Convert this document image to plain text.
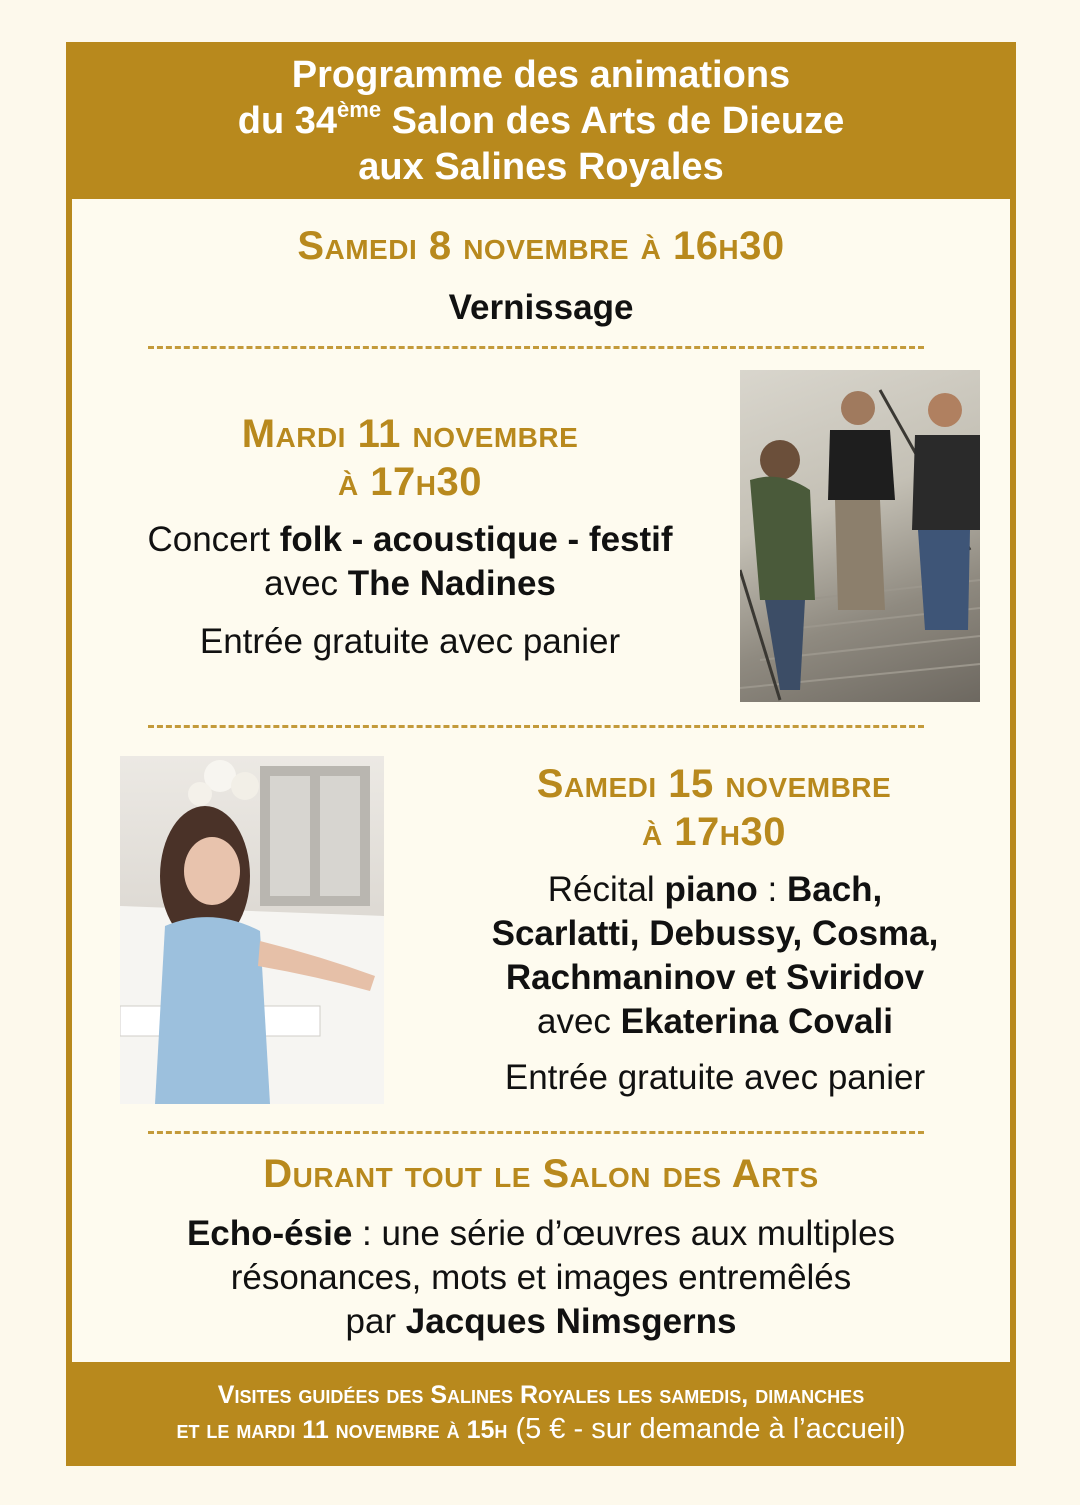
Programme des animations
du 34ème Salon des Arts de Dieuze
aux Salines Royales
Samedi 8 novembre à 16h30
Vernissage
Mardi 11 novembre
à 17h30
Concert folk - acoustique - festif
avec The Nadines
Entrée gratuite avec panier
Samedi 15 novembre
à 17h30
Récital piano : Bach,
Scarlatti, Debussy, Cosma,
Rachmaninov et Sviridov
avec Ekaterina Covali
Entrée gratuite avec panier
Durant tout le Salon des Arts
Echo-ésie : une série d’œuvres aux multiples
résonances, mots et images entremêlés
par Jacques Nimsgerns
Visites guidées des Salines Royales les samedis, dimanches
et le mardi 11 novembre à 15h (5 € - sur demande à l’accueil)
